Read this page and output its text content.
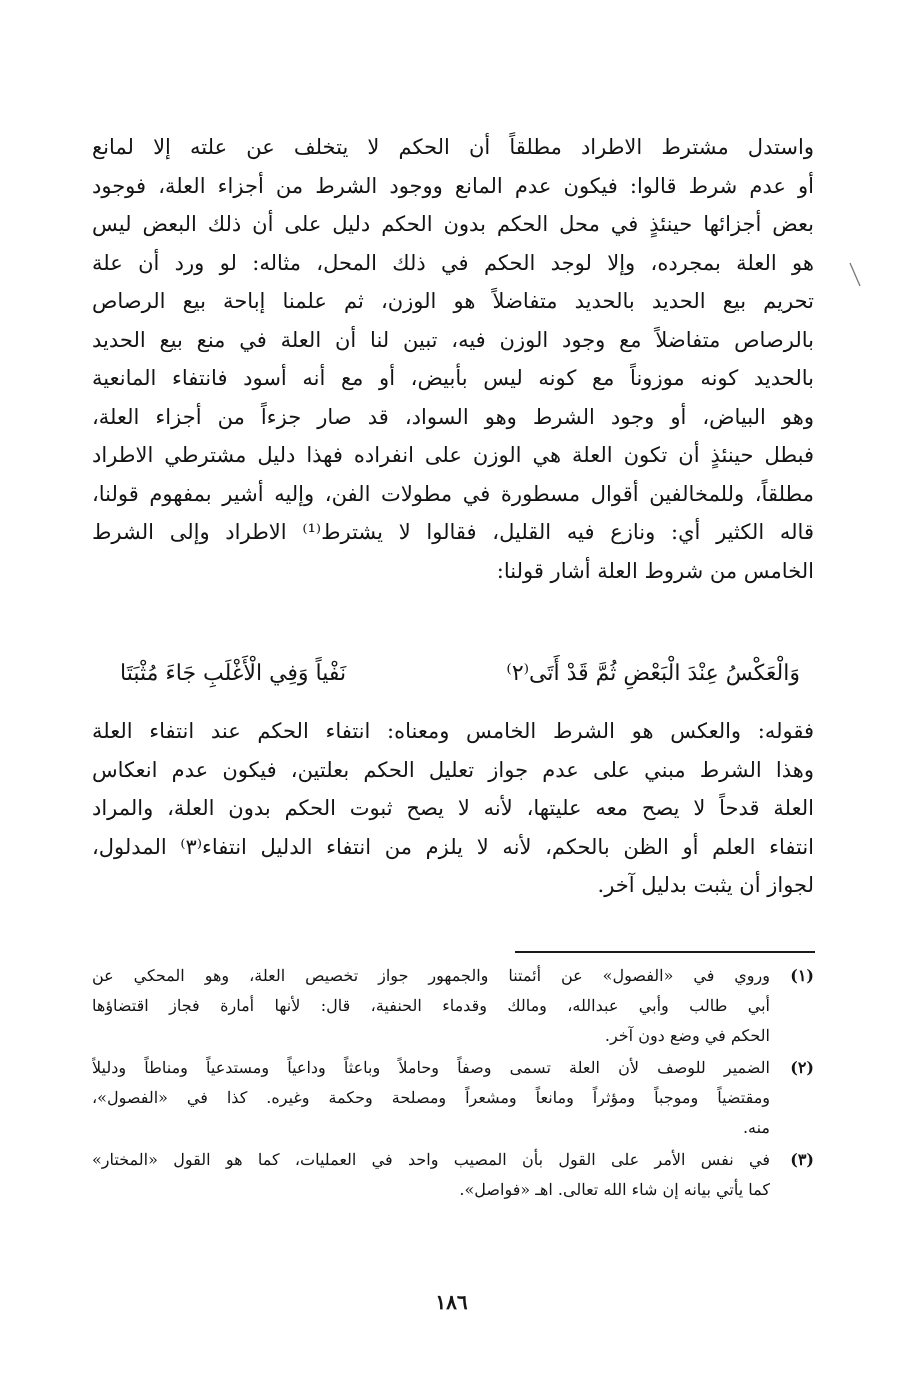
واستدل مشترط الاطراد مطلقاً أن الحكم لا يتخلف عن علته إلا لمانع
أو عدم شرط قالوا: فيكون عدم المانع ووجود الشرط من أجزاء العلة، فوجود
بعض أجزائها حينئذٍ في محل الحكم بدون الحكم دليل على أن ذلك البعض ليس
هو العلة بمجرده، وإلا لوجد الحكم في ذلك المحل، مثاله: لو ورد أن علة
تحريم بيع الحديد بالحديد متفاضلاً هو الوزن، ثم علمنا إباحة بيع الرصاص
بالرصاص متفاضلاً مع وجود الوزن فيه، تبين لنا أن العلة في منع بيع الحديد
بالحديد كونه موزوناً مع كونه ليس بأبيض، أو مع أنه أسود فانتفاء المانعية
وهو البياض، أو وجود الشرط وهو السواد، قد صار جزءاً من أجزاء العلة،
فبطل حينئذٍ أن تكون العلة هي الوزن على انفراده فهذا دليل مشترطي الاطراد
مطلقاً، وللمخالفين أقوال مسطورة في مطولات الفن، وإليه أشير بمفهوم قولنا،
قاله الكثير أي: ونازع فيه القليل، فقالوا لا يشترط⁽¹⁾ الاطراد وإلى الشرط
الخامس من شروط العلة أشار قولنا:
وَالْعَكْسُ عِنْدَ الْبَعْضِ ثُمَّ قَدْ أَتَى⁽٢⁾
نَفْياً وَفِي الْأَغْلَبِ جَاءَ مُثْبَتَا
فقوله: والعكس هو الشرط الخامس ومعناه: انتفاء الحكم عند انتفاء العلة
وهذا الشرط مبني على عدم جواز تعليل الحكم بعلتين، فيكون عدم انعكاس
العلة قدحاً لا يصح معه عليتها، لأنه لا يصح ثبوت الحكم بدون العلة، والمراد
انتفاء العلم أو الظن بالحكم، لأنه لا يلزم من انتفاء الدليل انتفاء⁽٣⁾ المدلول،
لجواز أن يثبت بدليل آخر.
(١)
وروي في «الفصول» عن أئمتنا والجمهور جواز تخصيص العلة، وهو المحكي عن
أبي طالب وأبي عبدالله، ومالك وقدماء الحنفية، قال: لأنها أمارة فجاز اقتضاؤها
الحكم في وضع دون آخر.
(٢)
الضمير للوصف لأن العلة تسمى وصفاً وحاملاً وباعثاً وداعياً ومستدعياً ومناطاً ودليلاً
ومقتضياً وموجباً ومؤثراً ومانعاً ومشعراً ومصلحة وحكمة وغيره. كذا في «الفصول»،
منه.
(٣)
في نفس الأمر على القول بأن المصيب واحد في العمليات، كما هو القول «المختار»
كما يأتي بيانه إن شاء الله تعالى. اهـ «فواصل».
١٨٦
